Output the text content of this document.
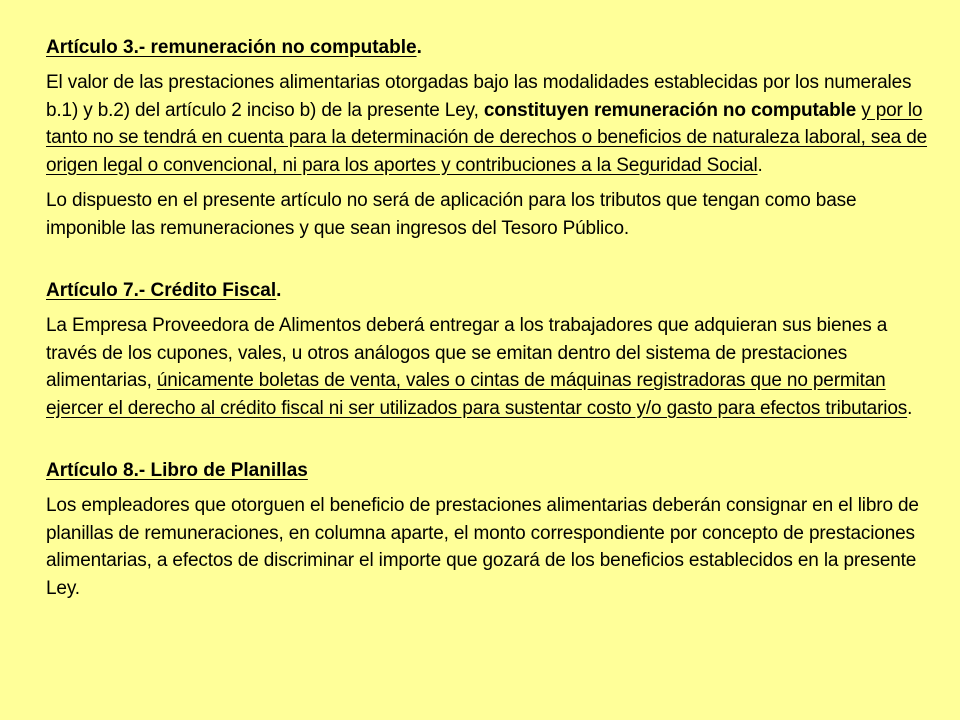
Artículo 3.- remuneración no computable.
El valor de las prestaciones alimentarias otorgadas bajo las modalidades establecidas por los numerales b.1) y b.2) del artículo 2 inciso b) de la presente Ley, constituyen remuneración no computable y por lo tanto no se tendrá en cuenta para la determinación de derechos o beneficios de naturaleza laboral, sea de origen legal o convencional, ni para los aportes y contribuciones a la Seguridad Social.
Lo dispuesto en el presente artículo no será de aplicación para los tributos que tengan como base imponible las remuneraciones y que sean ingresos del Tesoro Público.
Artículo 7.- Crédito Fiscal.
La Empresa Proveedora de Alimentos deberá entregar a los trabajadores que adquieran sus bienes a través de los cupones, vales, u otros análogos que se emitan dentro del sistema de prestaciones alimentarias, únicamente boletas de venta, vales o cintas de máquinas registradoras que no permitan ejercer el derecho al crédito fiscal ni ser utilizados para sustentar costo y/o gasto para efectos tributarios.
Artículo 8.- Libro de Planillas
Los empleadores que otorguen el beneficio de prestaciones alimentarias deberán consignar en el libro de planillas de remuneraciones, en columna aparte, el monto correspondiente por concepto de prestaciones alimentarias, a efectos de discriminar el importe que gozará de los beneficios establecidos en la presente Ley.
